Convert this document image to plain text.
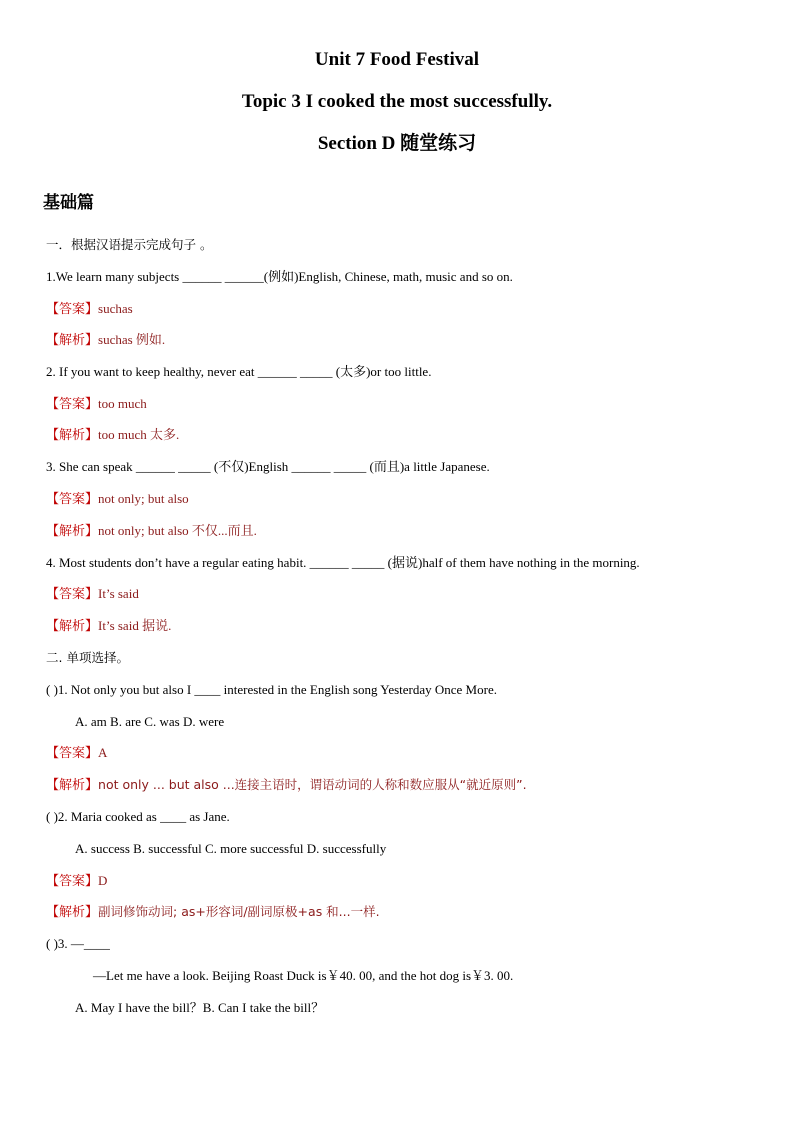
Unit 7 Food Festival
Topic 3 I cooked the most successfully.
Section D 随堂练习
基础篇
一．根据汉语提示完成句子 。
1.We learn many subjects ______ ______(例如)English, Chinese, math, music and so on.
【答案】suchas
【解析】suchas 例如.
2. If you want to keep healthy, never eat ______ _____ (太多)or too little.
【答案】too much
【解析】too much 太多.
3. She can speak ______ _____ (不仅)English ______ _____ (而且)a little Japanese.
【答案】not only; but also
【解析】not only; but also 不仅...而且.
4. Most students don’t have a regular eating habit. ______ _____ (据说)half of them have nothing in the morning.
【答案】It’s said
【解析】It’s said 据说.
二. 单项选择。
( )1. Not only you but also I ____ interested in the English song Yesterday Once More.
A. am B. are C. was D. were
【答案】A
【解析】not only ... but also ...连接主语时，谓语动词的人称和数应服从“就近原则”.
( )2. Maria cooked as ____ as Jane.
A. success B. successful C. more successful D. successfully
【答案】D
【解析】副词修饰动词; as+形容词/副词原极+as 和...一样.
( )3. —____
—Let me have a look. Beijing Roast Duck is￥40. 00, and the hot dog is￥3. 00.
A. May I have the bill？B. Can I take the bill？
